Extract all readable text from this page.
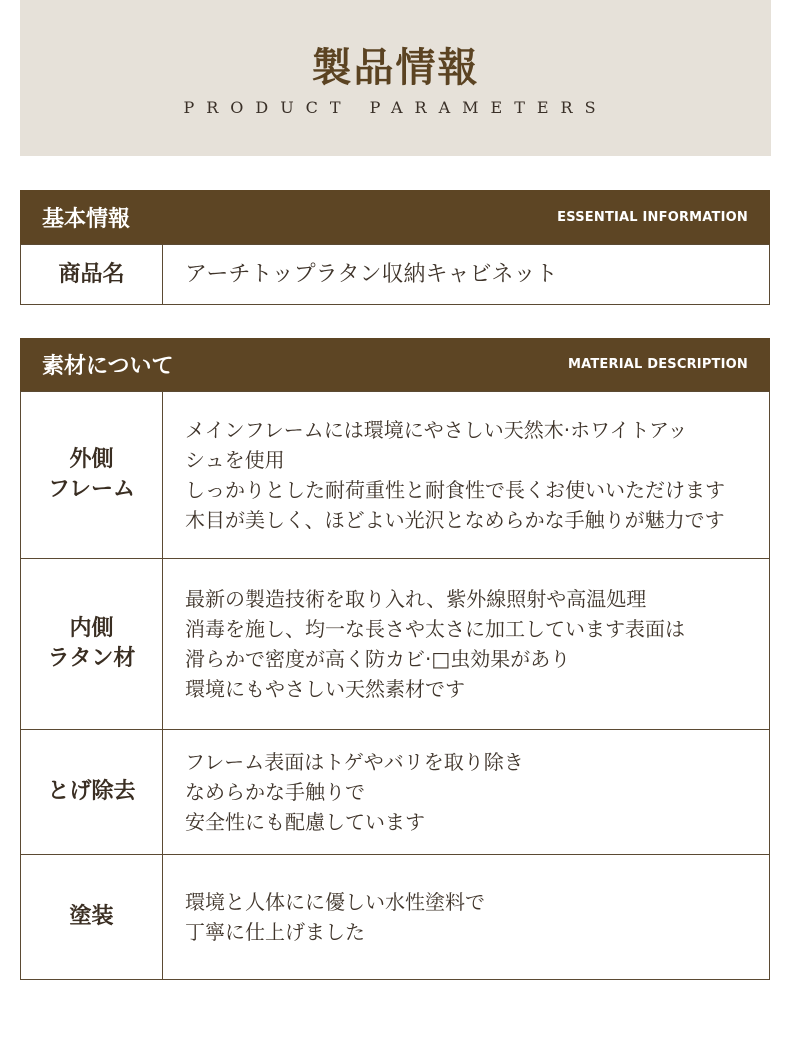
製品情報
PRODUCT PARAMETERS
基本情報	ESSENTIAL INFORMATION
商品名	アーチトップラタン収納キャビネット
素材について	MATERIAL DESCRIPTION
外側
フレーム	メインフレームには環境にやさしい天然木·ホワイトアッ
シュを使用
しっかりとした耐荷重性と耐食性で長くお使いいただけます
木目が美しく、ほどよい光沢となめらかな手触りが魅力です

内側
ラタン材	最新の製造技術を取り入れ、紫外線照射や高温処理
消毒を施し、均一な長さや太さに加工しています表面は
滑らかで密度が高く防カビ·□虫効果があり
環境にもやさしい天然素材です

とげ除去	フレーム表面はトゲやバリを取り除き
なめらかな手触りで
安全性にも配慮しています

塗装	環境と人体にに優しい水性塗料で
丁寧に仕上げました
